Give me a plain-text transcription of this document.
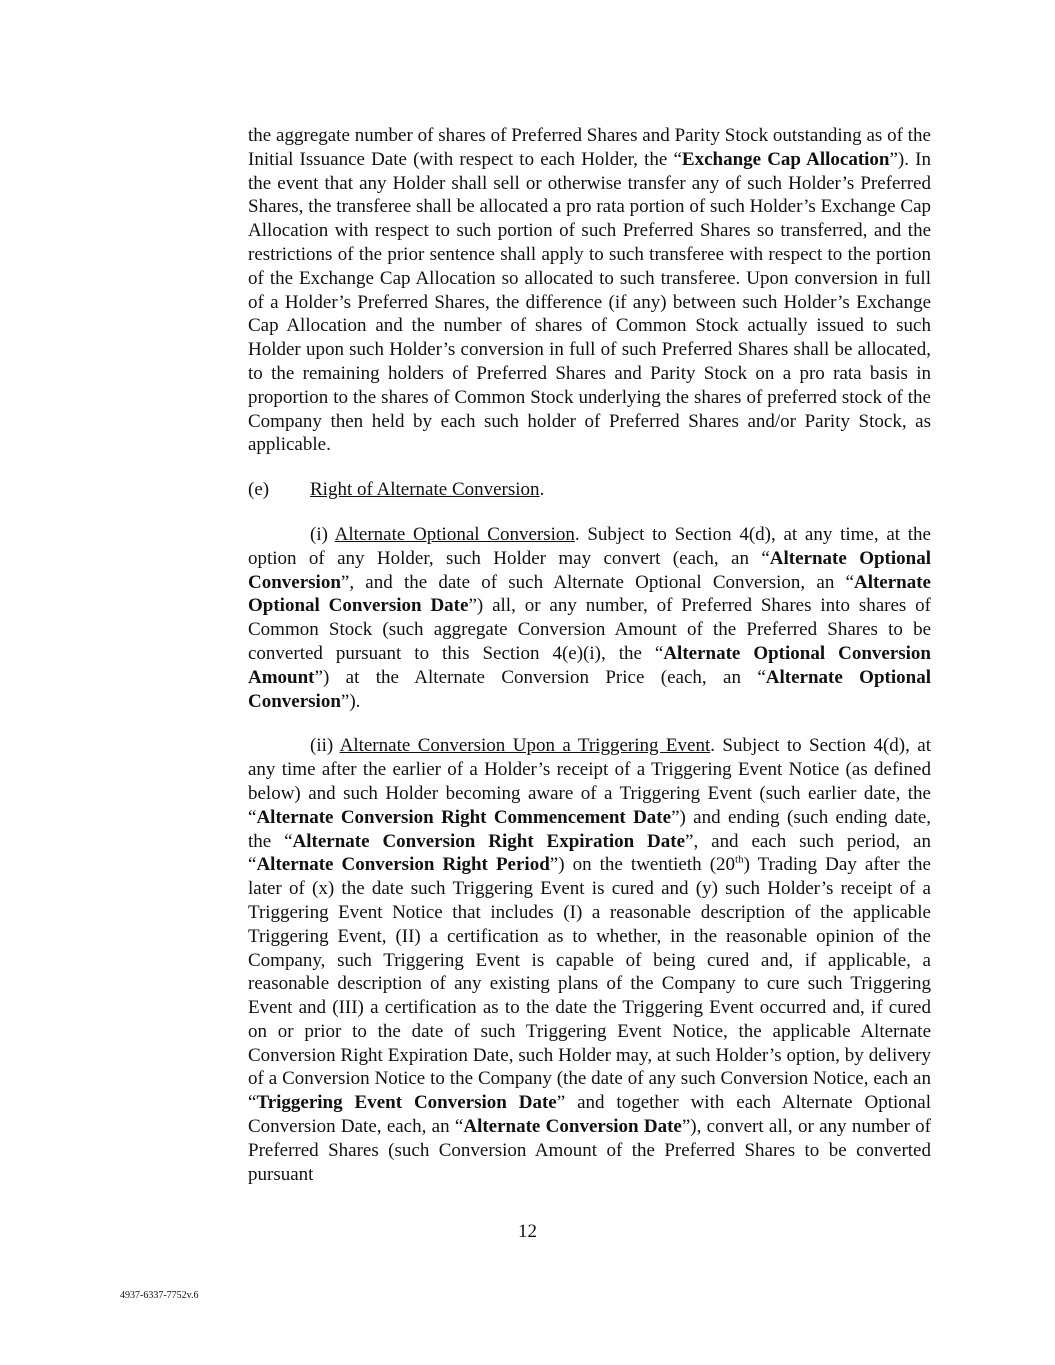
the aggregate number of shares of Preferred Shares and Parity Stock outstanding as of the Initial Issuance Date (with respect to each Holder, the “Exchange Cap Allocation”). In the event that any Holder shall sell or otherwise transfer any of such Holder’s Preferred Shares, the transferee shall be allocated a pro rata portion of such Holder’s Exchange Cap Allocation with respect to such portion of such Preferred Shares so transferred, and the restrictions of the prior sentence shall apply to such transferee with respect to the portion of the Exchange Cap Allocation so allocated to such transferee. Upon conversion in full of a Holder’s Preferred Shares, the difference (if any) between such Holder’s Exchange Cap Allocation and the number of shares of Common Stock actually issued to such Holder upon such Holder’s conversion in full of such Preferred Shares shall be allocated, to the remaining holders of Preferred Shares and Parity Stock on a pro rata basis in proportion to the shares of Common Stock underlying the shares of preferred stock of the Company then held by each such holder of Preferred Shares and/or Parity Stock, as applicable.

(e) Right of Alternate Conversion.

(i) Alternate Optional Conversion. Subject to Section 4(d), at any time, at the option of any Holder, such Holder may convert (each, an “Alternate Optional Conversion”, and the date of such Alternate Optional Conversion, an “Alternate Optional Conversion Date”) all, or any number, of Preferred Shares into shares of Common Stock (such aggregate Conversion Amount of the Preferred Shares to be converted pursuant to this Section 4(e)(i), the “Alternate Optional Conversion Amount”) at the Alternate Conversion Price (each, an “Alternate Optional Conversion”).

(ii) Alternate Conversion Upon a Triggering Event. Subject to Section 4(d), at any time after the earlier of a Holder’s receipt of a Triggering Event Notice (as defined below) and such Holder becoming aware of a Triggering Event (such earlier date, the “Alternate Conversion Right Commencement Date”) and ending (such ending date, the “Alternate Conversion Right Expiration Date”, and each such period, an “Alternate Conversion Right Period”) on the twentieth (20th) Trading Day after the later of (x) the date such Triggering Event is cured and (y) such Holder’s receipt of a Triggering Event Notice that includes (I) a reasonable description of the applicable Triggering Event, (II) a certification as to whether, in the reasonable opinion of the Company, such Triggering Event is capable of being cured and, if applicable, a reasonable description of any existing plans of the Company to cure such Triggering Event and (III) a certification as to the date the Triggering Event occurred and, if cured on or prior to the date of such Triggering Event Notice, the applicable Alternate Conversion Right Expiration Date, such Holder may, at such Holder’s option, by delivery of a Conversion Notice to the Company (the date of any such Conversion Notice, each an “Triggering Event Conversion Date” and together with each Alternate Optional Conversion Date, each, an “Alternate Conversion Date”), convert all, or any number of Preferred Shares (such Conversion Amount of the Preferred Shares to be converted pursuant

12
4937-6337-7752v.6
